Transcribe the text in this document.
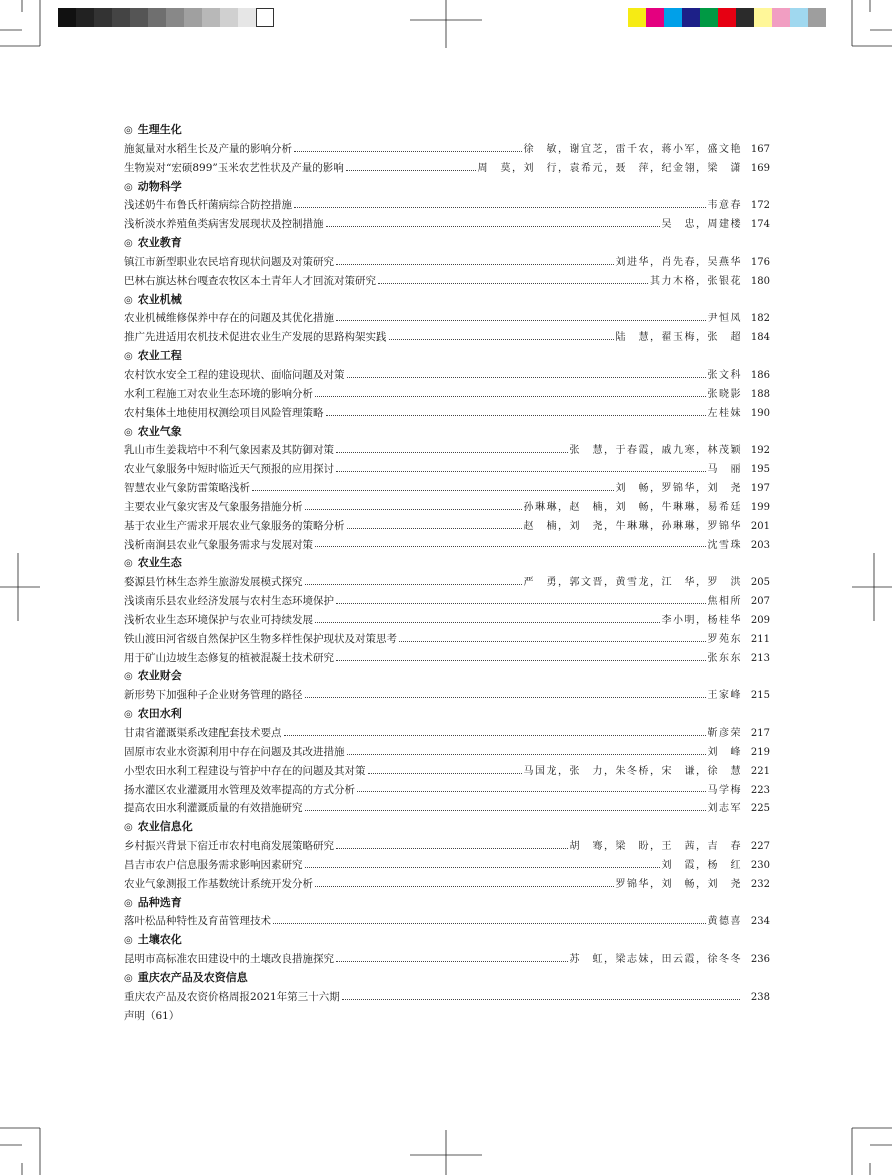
◎ 生理生化
施氮量对水稻生长及产量的影响分析	徐　敏，谢宜芝，雷千农，蒋小军，盛文艳 167
生物炭对“宏硕899”玉米农艺性状及产量的影响	周　莫，刘　行，袁希元，聂　萍，纪金翎，梁　潇 169
◎ 动物科学
浅述奶牛布鲁氏杆菌病综合防控措施	韦意春 172
浅析淡水养殖鱼类病害发展现状及控制措施	吴　忠，周建楼 174
◎ 农业教育
镇江市新型职业农民培育现状问题及对策研究	刘进华，肖先春，吴燕华 176
巴林右旗达林台嘎查农牧区本土青年人才回流对策研究	其力木格，张银花 180
◎ 农业机械
农业机械维修保养中存在的问题及其优化措施	尹恒凤 182
推广先进适用农机技术促进农业生产发展的思路构架实践	陆　慧，翟玉梅，张　超 184
◎ 农业工程
农村饮水安全工程的建设现状、面临问题及对策	张文科 186
水利工程施工对农业生态环境的影响分析	张晓影 188
农村集体土地使用权测绘项目风险管理策略	左桂妹 190
◎ 农业气象
乳山市生姜栽培中不利气象因素及其防御对策	张　慧，于春霞，戚九寒，林茂颖 192
农业气象服务中短时临近天气预报的应用探讨	马　丽 195
智慧农业气象防雷策略浅析	刘　畅，罗锦华，刘　尧 197
主要农业气象灾害及气象服务措施分析	孙琳琳，赵　楠，刘　畅，牛琳琳，易希廷 199
基于农业生产需求开展农业气象服务的策略分析	赵　楠，刘　尧，牛琳琳，孙琳琳，罗锦华 201
浅析南涧县农业气象服务需求与发展对策	沈雪珠 203
◎ 农业生态
婺源县竹林生态养生旅游发展模式探究	严　勇，郭文晋，黄雪龙，江　华，罗　洪 205
浅谈南乐县农业经济发展与农村生态环境保护	焦相所 207
浅析农业生态环境保护与农业可持续发展	李小明，杨桂华 209
铁山渡田河省级自然保护区生物多样性保护现状及对策思考	罗苑东 211
用于矿山边坡生态修复的植被混凝土技术研究	张东东 213
◎ 农业财会
新形势下加强种子企业财务管理的路径	王家峰 215
◎ 农田水利
甘肃省灌溉渠系改建配套技术要点	靳彦荣 217
固原市农业水资源利用中存在问题及其改进措施	刘　峰 219
小型农田水利工程建设与管护中存在的问题及其对策	马国龙，张　力，朱冬桥，宋　谦，徐　慧 221
扬水灌区农业灌溉用水管理及效率提高的方式分析	马学梅 223
提高农田水利灌溉质量的有效措施研究	刘志军 225
◎ 农业信息化
乡村振兴背景下宿迁市农村电商发展策略研究	胡　骞，梁　盼，王　茜，吉　春 227
昌吉市农户信息服务需求影响因素研究	刘　霞，杨　红 230
农业气象测报工作基数统计系统开发分析	罗锦华，刘　畅，刘　尧 232
◎ 品种选育
落叶松品种特性及育苗管理技术	黄德喜 234
◎ 土壤农化
昆明市高标准农田建设中的土壤改良措施探究	苏　虹，梁志妹，田云霞，徐冬冬 236
◎ 重庆农产品及农资信息
重庆农产品及农资价格周报2021年第三十六期	238
声明（61）
